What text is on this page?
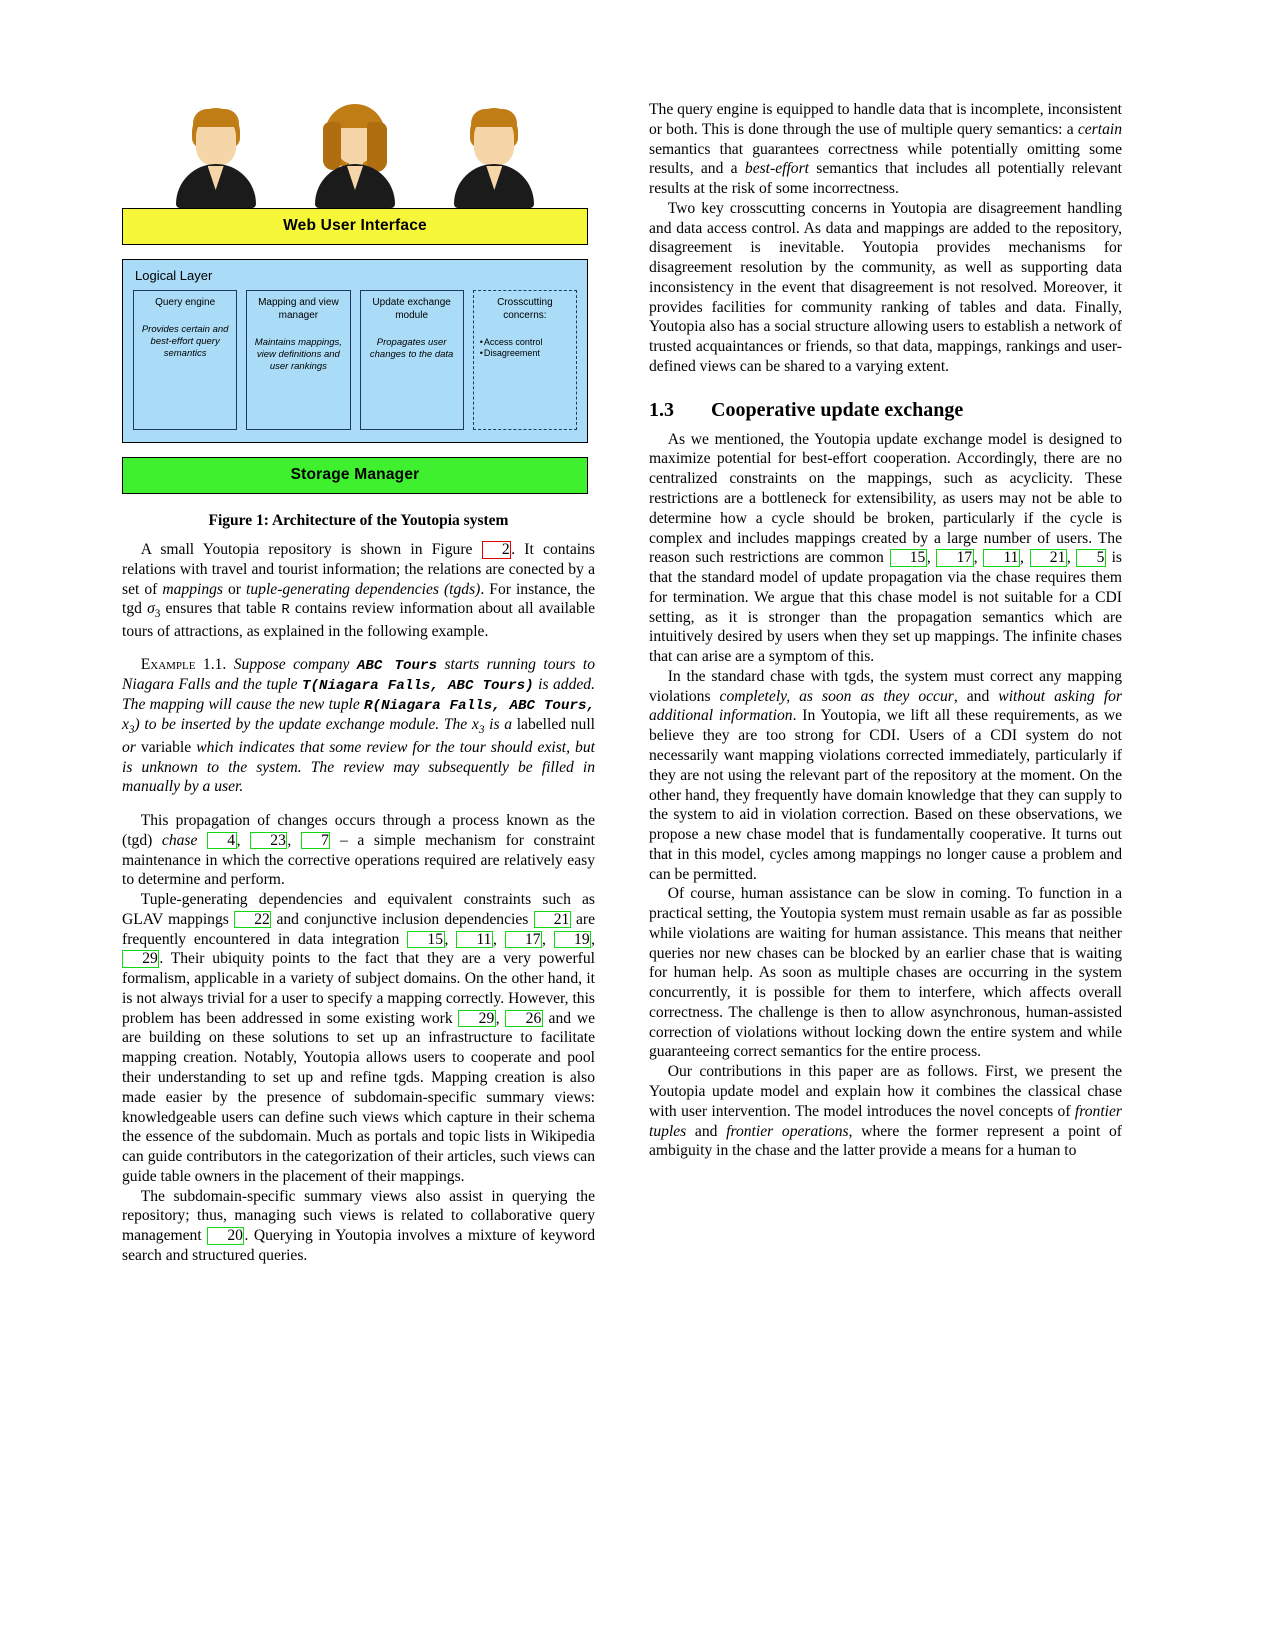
Web User Interface
Logical Layer
Query engine
Provides certain and best-effort query semantics
Mapping and view manager
Maintains mappings, view definitions and user rankings
Update exchange module
Propagates user changes to the data
Crosscutting concerns:
• Access control
• Disagreement
Storage Manager
Figure 1: Architecture of the Youtopia system

A small Youtopia repository is shown in Figure 2. It contains relations with travel and tourist information; the relations are conected by a set of mappings or tuple-generating dependencies (tgds). For instance, the tgd $\sigma_3$ ensures that table R contains review information about all available tours of attractions, as explained in the following example.

Example 1.1. Suppose company ABC Tours starts running tours to Niagara Falls and the tuple T(Niagara Falls, ABC Tours) is added. The mapping will cause the new tuple R(Niagara Falls, ABC Tours, $x_3$) to be inserted by the update exchange module. The $x_3$ is a labelled null or variable which indicates that some review for the tour should exist, but is unknown to the system. The review may subsequently be filled in manually by a user.

This propagation of changes occurs through a process known as the (tgd) chase 4, 23, 7 – a simple mechanism for constraint maintenance in which the corrective operations required are relatively easy to determine and perform.

Tuple-generating dependencies and equivalent constraints such as GLAV mappings 22 and conjunctive inclusion dependencies 21 are frequently encountered in data integration 15, 11, 17, 19, 29. Their ubiquity points to the fact that they are a very powerful formalism, applicable in a variety of subject domains. On the other hand, it is not always trivial for a user to specify a mapping correctly. However, this problem has been addressed in some existing work 29, 26 and we are building on these solutions to set up an infrastructure to facilitate mapping creation. Notably, Youtopia allows users to cooperate and pool their understanding to set up and refine tgds. Mapping creation is also made easier by the presence of subdomain-specific summary views: knowledgeable users can define such views which capture in their schema the essence of the subdomain. Much as portals and topic lists in Wikipedia can guide contributors in the categorization of their articles, such views can guide table owners in the placement of their mappings.

The subdomain-specific summary views also assist in querying the repository; thus, managing such views is related to collaborative query management 20. Querying in Youtopia involves a mixture of keyword search and structured queries.

The query engine is equipped to handle data that is incomplete, inconsistent or both. This is done through the use of multiple query semantics: a certain semantics that guarantees correctness while potentially omitting some results, and a best-effort semantics that includes all potentially relevant results at the risk of some incorrectness.

Two key crosscutting concerns in Youtopia are disagreement handling and data access control. As data and mappings are added to the repository, disagreement is inevitable. Youtopia provides mechanisms for disagreement resolution by the community, as well as supporting data inconsistency in the event that disagreement is not resolved. Moreover, it provides facilities for community ranking of tables and data. Finally, Youtopia also has a social structure allowing users to establish a network of trusted acquaintances or friends, so that data, mappings, rankings and user-defined views can be shared to a varying extent.

1.3 Cooperative update exchange

As we mentioned, the Youtopia update exchange model is designed to maximize potential for best-effort cooperation. Accordingly, there are no centralized constraints on the mappings, such as acyclicity. These restrictions are a bottleneck for extensibility, as users may not be able to determine how a cycle should be broken, particularly if the cycle is complex and includes mappings created by a large number of users. The reason such restrictions are common 15, 17, 11, 21, 5 is that the standard model of update propagation via the chase requires them for termination. We argue that this chase model is not suitable for a CDI setting, as it is stronger than the propagation semantics which are intuitively desired by users when they set up mappings. The infinite chases that can arise are a symptom of this.

In the standard chase with tgds, the system must correct any mapping violations completely, as soon as they occur, and without asking for additional information. In Youtopia, we lift all these requirements, as we believe they are too strong for CDI. Users of a CDI system do not necessarily want mapping violations corrected immediately, particularly if they are not using the relevant part of the repository at the moment. On the other hand, they frequently have domain knowledge that they can supply to the system to aid in violation correction. Based on these observations, we propose a new chase model that is fundamentally cooperative. It turns out that in this model, cycles among mappings no longer cause a problem and can be permitted.

Of course, human assistance can be slow in coming. To function in a practical setting, the Youtopia system must remain usable as far as possible while violations are waiting for human assistance. This means that neither queries nor new chases can be blocked by an earlier chase that is waiting for human help. As soon as multiple chases are occurring in the system concurrently, it is possible for them to interfere, which affects overall correctness. The challenge is then to allow asynchronous, human-assisted correction of violations without locking down the entire system and while guaranteeing correct semantics for the entire process.

Our contributions in this paper are as follows. First, we present the Youtopia update model and explain how it combines the classical chase with user intervention. The model introduces the novel concepts of frontier tuples and frontier operations, where the former represent a point of ambiguity in the chase and the latter provide a means for a human to
